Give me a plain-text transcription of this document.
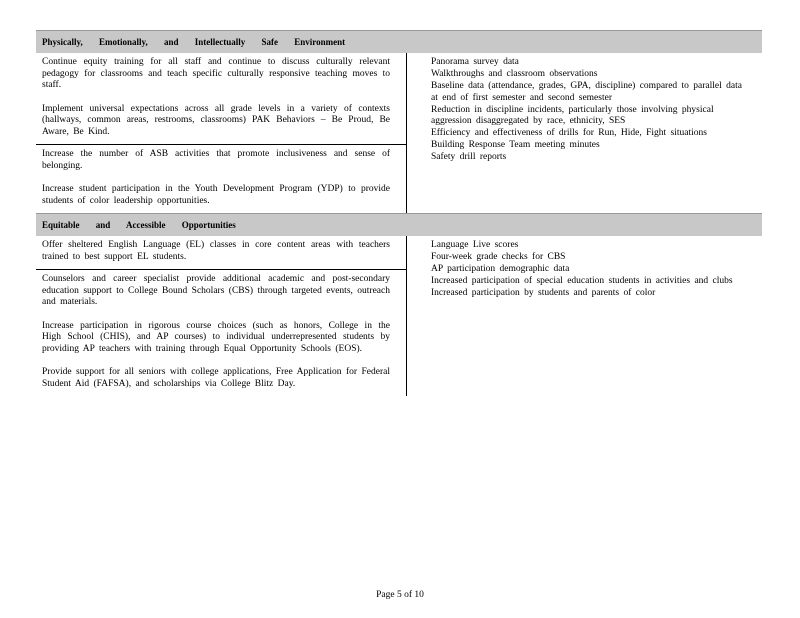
Physically, Emotionally, and Intellectually Safe Environment

Continue equity training for all staff and continue to discuss culturally relevant pedagogy for classrooms and teach specific culturally responsive teaching moves to staff.

Implement universal expectations across all grade levels in a variety of contexts (hallways, common areas, restrooms, classrooms) PAK Behaviors – Be Proud, Be Aware, Be Kind.

Increase the number of ASB activities that promote inclusiveness and sense of belonging.

Increase student participation in the Youth Development Program (YDP) to provide students of color leadership opportunities.

Panorama survey data
Walkthroughs and classroom observations
Baseline data (attendance, grades, GPA, discipline) compared to parallel data at end of first semester and second semester
Reduction in discipline incidents, particularly those involving physical aggression disaggregated by race, ethnicity, SES
Efficiency and effectiveness of drills for Run, Hide, Fight situations
Building Response Team meeting minutes
Safety drill reports
Equitable and Accessible Opportunities

Offer sheltered English Language (EL) classes in core content areas with teachers trained to best support EL students.

Counselors and career specialist provide additional academic and post-secondary education support to College Bound Scholars (CBS) through targeted events, outreach and materials.

Increase participation in rigorous course choices (such as honors, College in the High School (CHIS), and AP courses) to individual underrepresented students by providing AP teachers with training through Equal Opportunity Schools (EOS).

Provide support for all seniors with college applications, Free Application for Federal Student Aid (FAFSA), and scholarships via College Blitz Day.

Language Live scores
Four-week grade checks for CBS
AP participation demographic data
Increased participation of special education students in activities and clubs
Increased participation by students and parents of color
Page 5 of 10
